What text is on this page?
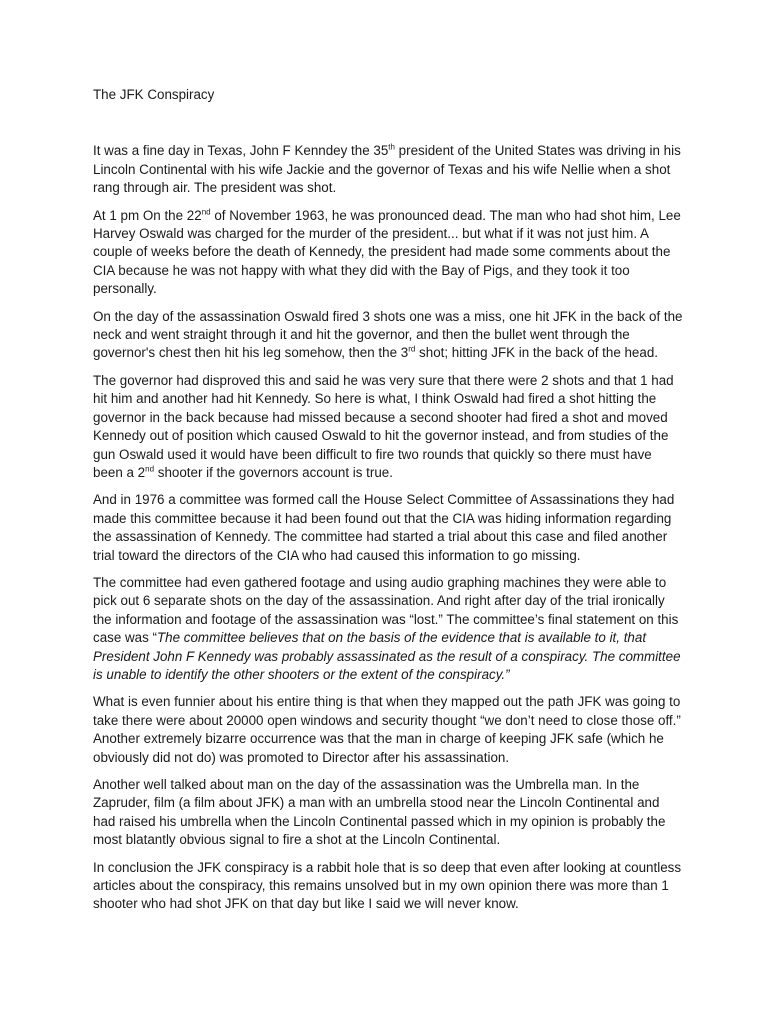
The JFK Conspiracy

It was a fine day in Texas, John F Kenndey the 35th president of the United States was driving in his Lincoln Continental with his wife Jackie and the governor of Texas and his wife Nellie when a shot rang through air. The president was shot.

At 1 pm On the 22nd of November 1963, he was pronounced dead. The man who had shot him, Lee Harvey Oswald was charged for the murder of the president... but what if it was not just him. A couple of weeks before the death of Kennedy, the president had made some comments about the CIA because he was not happy with what they did with the Bay of Pigs, and they took it too personally.

On the day of the assassination Oswald fired 3 shots one was a miss, one hit JFK in the back of the neck and went straight through it and hit the governor, and then the bullet went through the governor's chest then hit his leg somehow, then the 3rd shot; hitting JFK in the back of the head.

The governor had disproved this and said he was very sure that there were 2 shots and that 1 had hit him and another had hit Kennedy. So here is what, I think Oswald had fired a shot hitting the governor in the back because had missed because a second shooter had fired a shot and moved Kennedy out of position which caused Oswald to hit the governor instead, and from studies of the gun Oswald used it would have been difficult to fire two rounds that quickly so there must have been a 2nd shooter if the governors account is true.

And in 1976 a committee was formed call the House Select Committee of Assassinations they had made this committee because it had been found out that the CIA was hiding information regarding the assassination of Kennedy. The committee had started a trial about this case and filed another trial toward the directors of the CIA who had caused this information to go missing.

The committee had even gathered footage and using audio graphing machines they were able to pick out 6 separate shots on the day of the assassination. And right after day of the trial ironically the information and footage of the assassination was “lost.” The committee’s final statement on this case was “The committee believes that on the basis of the evidence that is available to it, that President John F Kennedy was probably assassinated as the result of a conspiracy. The committee is unable to identify the other shooters or the extent of the conspiracy.”

What is even funnier about his entire thing is that when they mapped out the path JFK was going to take there were about 20000 open windows and security thought “we don’t need to close those off.” Another extremely bizarre occurrence was that the man in charge of keeping JFK safe (which he obviously did not do) was promoted to Director after his assassination.

Another well talked about man on the day of the assassination was the Umbrella man. In the Zapruder, film (a film about JFK) a man with an umbrella stood near the Lincoln Continental and had raised his umbrella when the Lincoln Continental passed which in my opinion is probably the most blatantly obvious signal to fire a shot at the Lincoln Continental.

In conclusion the JFK conspiracy is a rabbit hole that is so deep that even after looking at countless articles about the conspiracy, this remains unsolved but in my own opinion there was more than 1 shooter who had shot JFK on that day but like I said we will never know.
